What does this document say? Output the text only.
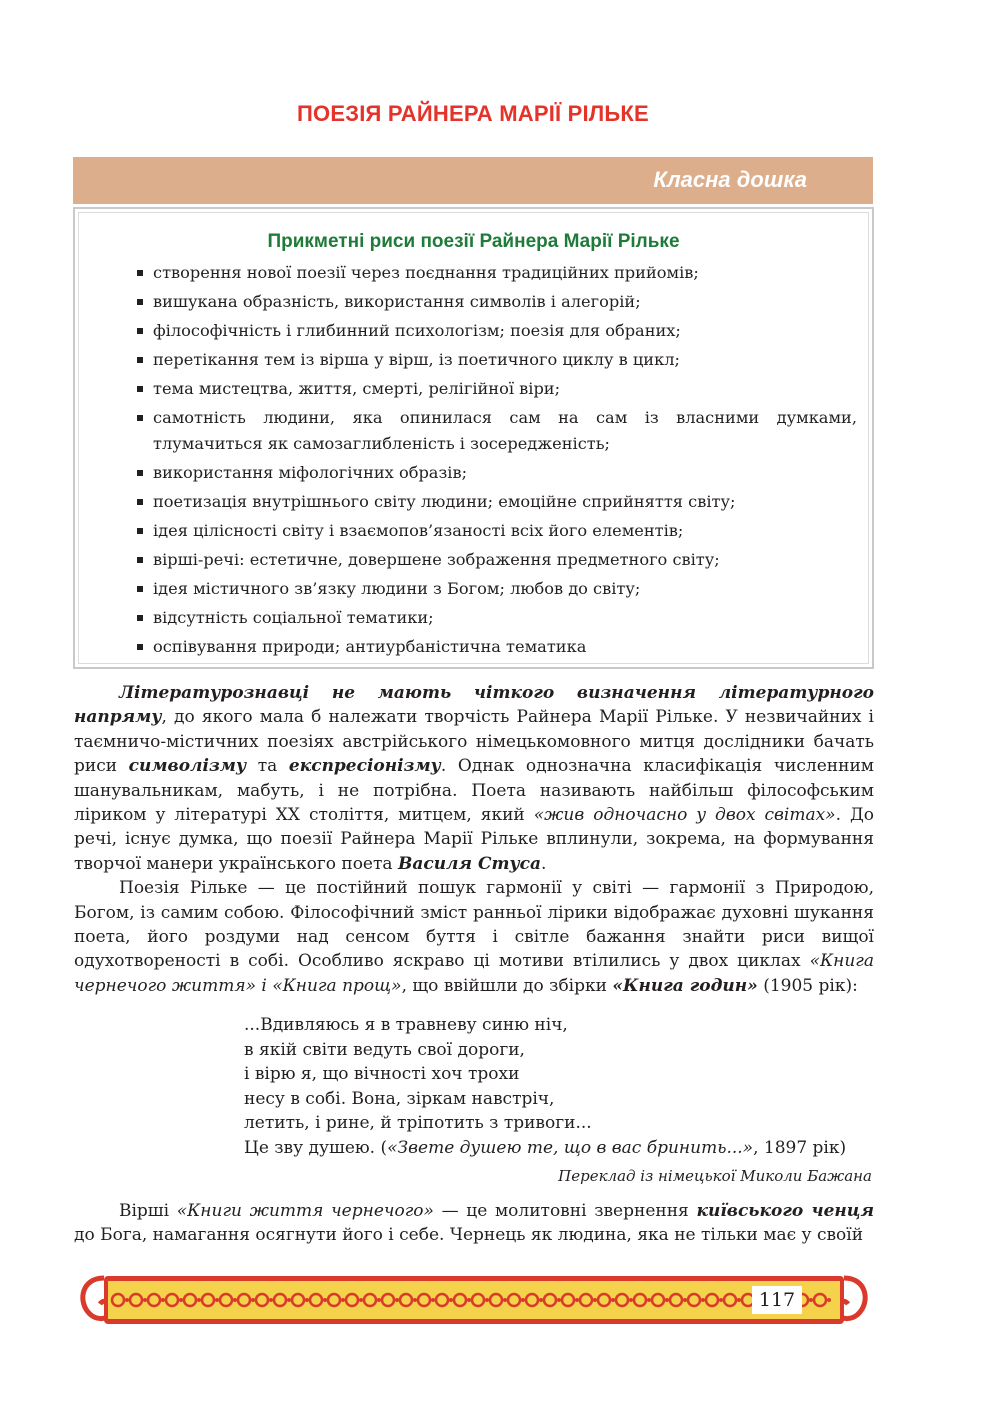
ПОЕЗІЯ РАЙНЕРА МАРІЇ РІЛЬКЕ
Класна дошка
Прикметні риси поезії Райнера Марії Рільке
створення нової поезії через поєднання традиційних прийомів;
вишукана образність, використання символів і алегорій;
філософічність і глибинний психологізм; поезія для обраних;
перетікання тем із вірша у вірш, із поетичного циклу в цикл;
тема мистецтва, життя, смерті, релігійної віри;
самотність людини, яка опинилася сам на сам із власними думками, тлумачиться як самозаглибленість і зосередженість;
використання міфологічних образів;
поетизація внутрішнього світу людини; емоційне сприйняття світу;
ідея цілісності світу і взаємопов’язаності всіх його елементів;
вірші-речі: естетичне, довершене зображення предметного світу;
ідея містичного зв’язку людини з Богом; любов до світу;
відсутність соціальної тематики;
оспівування природи; антиурбаністична тематика

Літературознавці не мають чіткого визначення літературного напряму, до якого мала б належати творчість Райнера Марії Рільке. У незвичайних і таємничо-містичних поезіях австрійського німецькомовного митця дослідники бачать риси символізму та експресіонізму. Однак однозначна класифікація численним шанувальникам, мабуть, і не потрібна. Поета називають найбільш філософським ліриком у літературі XX століття, митцем, який «жив одночасно у двох світах». До речі, існує думка, що поезії Райнера Марії Рільке вплинули, зокрема, на формування творчої манери українського поета Василя Стуса.

Поезія Рільке — це постійний пошук гармонії у світі — гармонії з Природою, Богом, із самим собою. Філософічний зміст ранньої лірики відображає духовні шукання поета, його роздуми над сенсом буття і світле бажання знайти риси вищої одухотвореності в собі. Особливо яскраво ці мотиви втілились у двох циклах «Книга чернечого життя» і «Книга прощ», що ввійшли до збірки «Книга годин» (1905 рік):

...Вдивляюсь я в травневу синю ніч,
в якій світи ведуть свої дороги,
і вірю я, що вічності хоч трохи
несу в собі. Вона, зіркам навстріч,
летить, і рине, й тріпотить з тривоги...
Це зву душею. («Звете душею те, що в вас бринить...», 1897 рік)
Переклад із німецької Миколи Бажана

Вірші «Книги життя чернечого» — це молитовні звернення київського ченця до Бога, намагання осягнути його і себе. Чернець як людина, яка не тільки має у своїй

117
